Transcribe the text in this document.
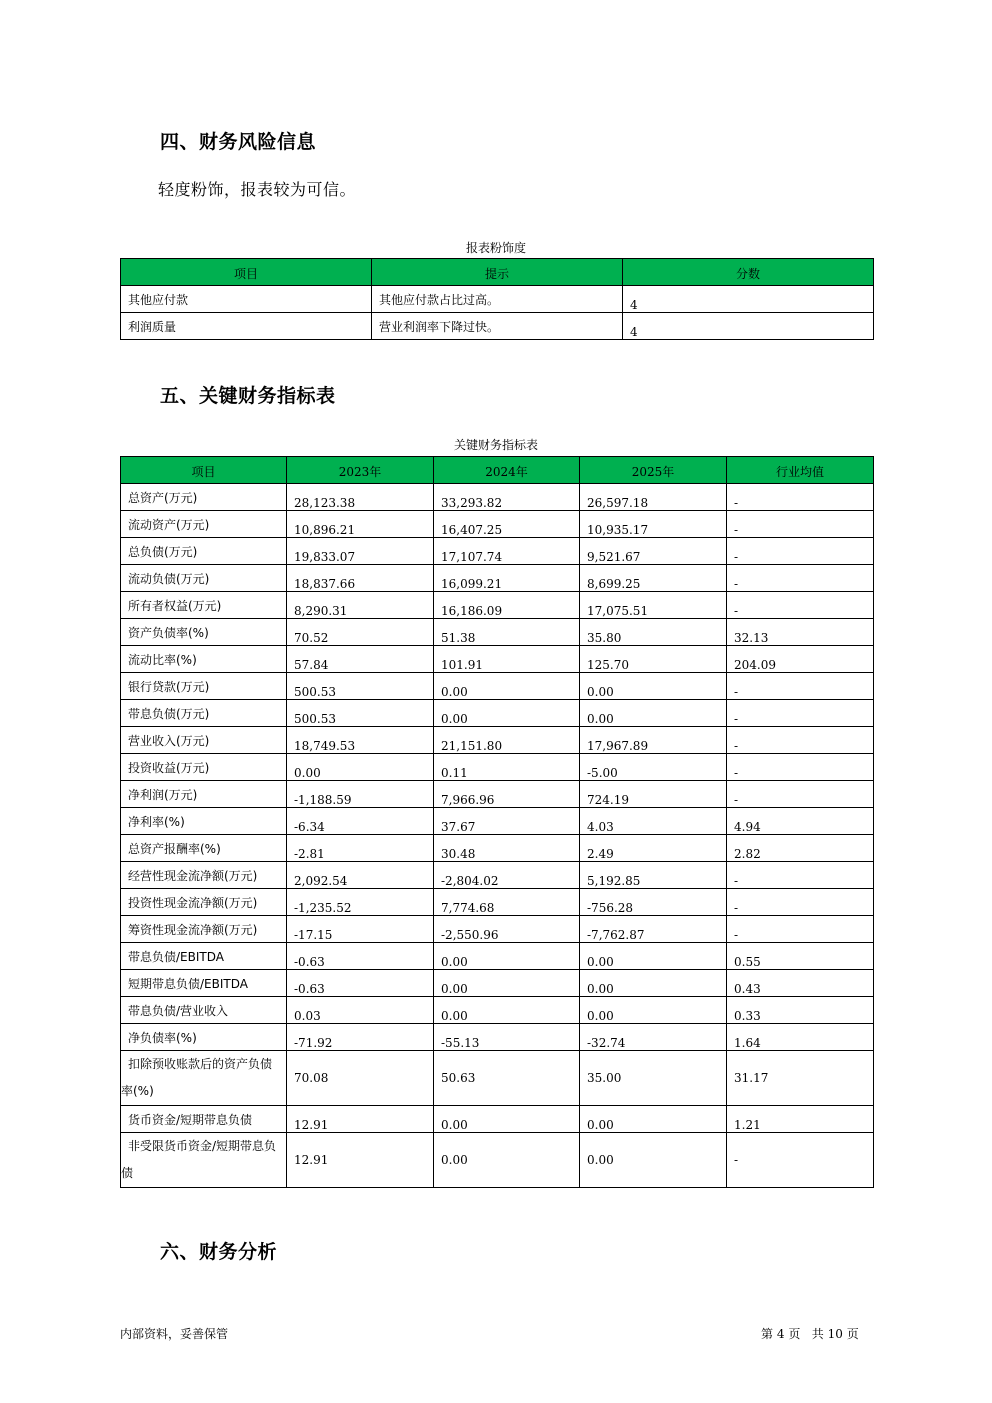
四、财务风险信息

轻度粉饰，报表较为可信。

报表粉饰度
项目	提示	分数
其他应付款	其他应付款占比过高。	4
利润质量	营业利润率下降过快。	4
五、关键财务指标表
关键财务指标表
项目	2023年	2024年	2025年	行业均值
总资产(万元)	28,123.38	33,293.82	26,597.18	-
流动资产(万元)	10,896.21	16,407.25	10,935.17	-
总负债(万元)	19,833.07	17,107.74	9,521.67	-
流动负债(万元)	18,837.66	16,099.21	8,699.25	-
所有者权益(万元)	8,290.31	16,186.09	17,075.51	-
资产负债率(%)	70.52	51.38	35.80	32.13
流动比率(%)	57.84	101.91	125.70	204.09
银行贷款(万元)	500.53	0.00	0.00	-
带息负债(万元)	500.53	0.00	0.00	-
营业收入(万元)	18,749.53	21,151.80	17,967.89	-
投资收益(万元)	0.00	0.11	-5.00	-
净利润(万元)	-1,188.59	7,966.96	724.19	-
净利率(%)	-6.34	37.67	4.03	4.94
总资产报酬率(%)	-2.81	30.48	2.49	2.82
经营性现金流净额(万元)	2,092.54	-2,804.02	5,192.85	-
投资性现金流净额(万元)	-1,235.52	7,774.68	-756.28	-
筹资性现金流净额(万元)	-17.15	-2,550.96	-7,762.87	-
带息负债/EBITDA	-0.63	0.00	0.00	0.55
短期带息负债/EBITDA	-0.63	0.00	0.00	0.43
带息负债/营业收入	0.03	0.00	0.00	0.33
净负债率(%)	-71.92	-55.13	-32.74	1.64
扣除预收账款后的资产负债率(%)	70.08	50.63	35.00	31.17
货币资金/短期带息负债	12.91	0.00	0.00	1.21
非受限货币资金/短期带息负债	12.91	0.00	0.00	-
六、财务分析
内部资料，妥善保管	第 4 页 共 10 页
